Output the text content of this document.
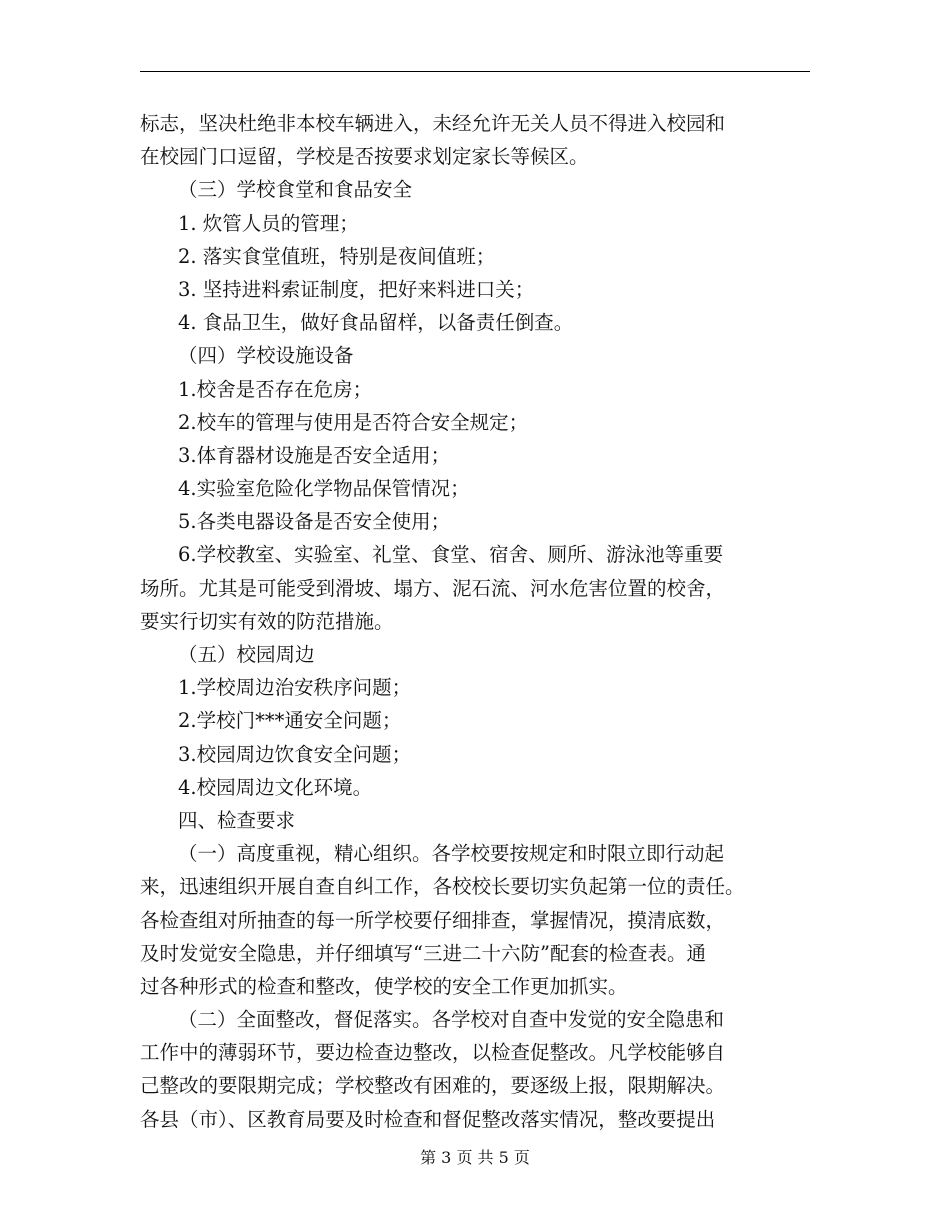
标志，坚决杜绝非本校车辆进入，未经允许无关人员不得进入校园和
在校园门口逗留，学校是否按要求划定家长等候区。
（三）学校食堂和食品安全
1. 炊管人员的管理；
2. 落实食堂值班，特别是夜间值班；
3. 坚持进料索证制度，把好来料进口关；
4. 食品卫生，做好食品留样，以备责任倒查。
（四）学校设施设备
1.校舍是否存在危房；
2.校车的管理与使用是否符合安全规定；
3.体育器材设施是否安全适用；
4.实验室危险化学物品保管情况；
5.各类电器设备是否安全使用；
6.学校教室、实验室、礼堂、食堂、宿舍、厕所、游泳池等重要
场所。尤其是可能受到滑坡、塌方、泥石流、河水危害位置的校舍，
要实行切实有效的防范措施。
（五）校园周边
1.学校周边治安秩序问题；
2.学校门***通安全问题；
3.校园周边饮食安全问题；
4.校园周边文化环境。
四、检查要求
（一）高度重视，精心组织。各学校要按规定和时限立即行动起
来，迅速组织开展自查自纠工作，各校校长要切实负起第一位的责任。
各检查组对所抽查的每一所学校要仔细排查，掌握情况，摸清底数，
及时发觉安全隐患，并仔细填写“三进二十六防”配套的检查表。通
过各种形式的检查和整改，使学校的安全工作更加抓实。
（二）全面整改，督促落实。各学校对自查中发觉的安全隐患和
工作中的薄弱环节，要边检查边整改，以检查促整改。凡学校能够自
己整改的要限期完成；学校整改有困难的，要逐级上报，限期解决。
各县（市）、区教育局要及时检查和督促整改落实情况，整改要提出
第 3 页 共 5 页
